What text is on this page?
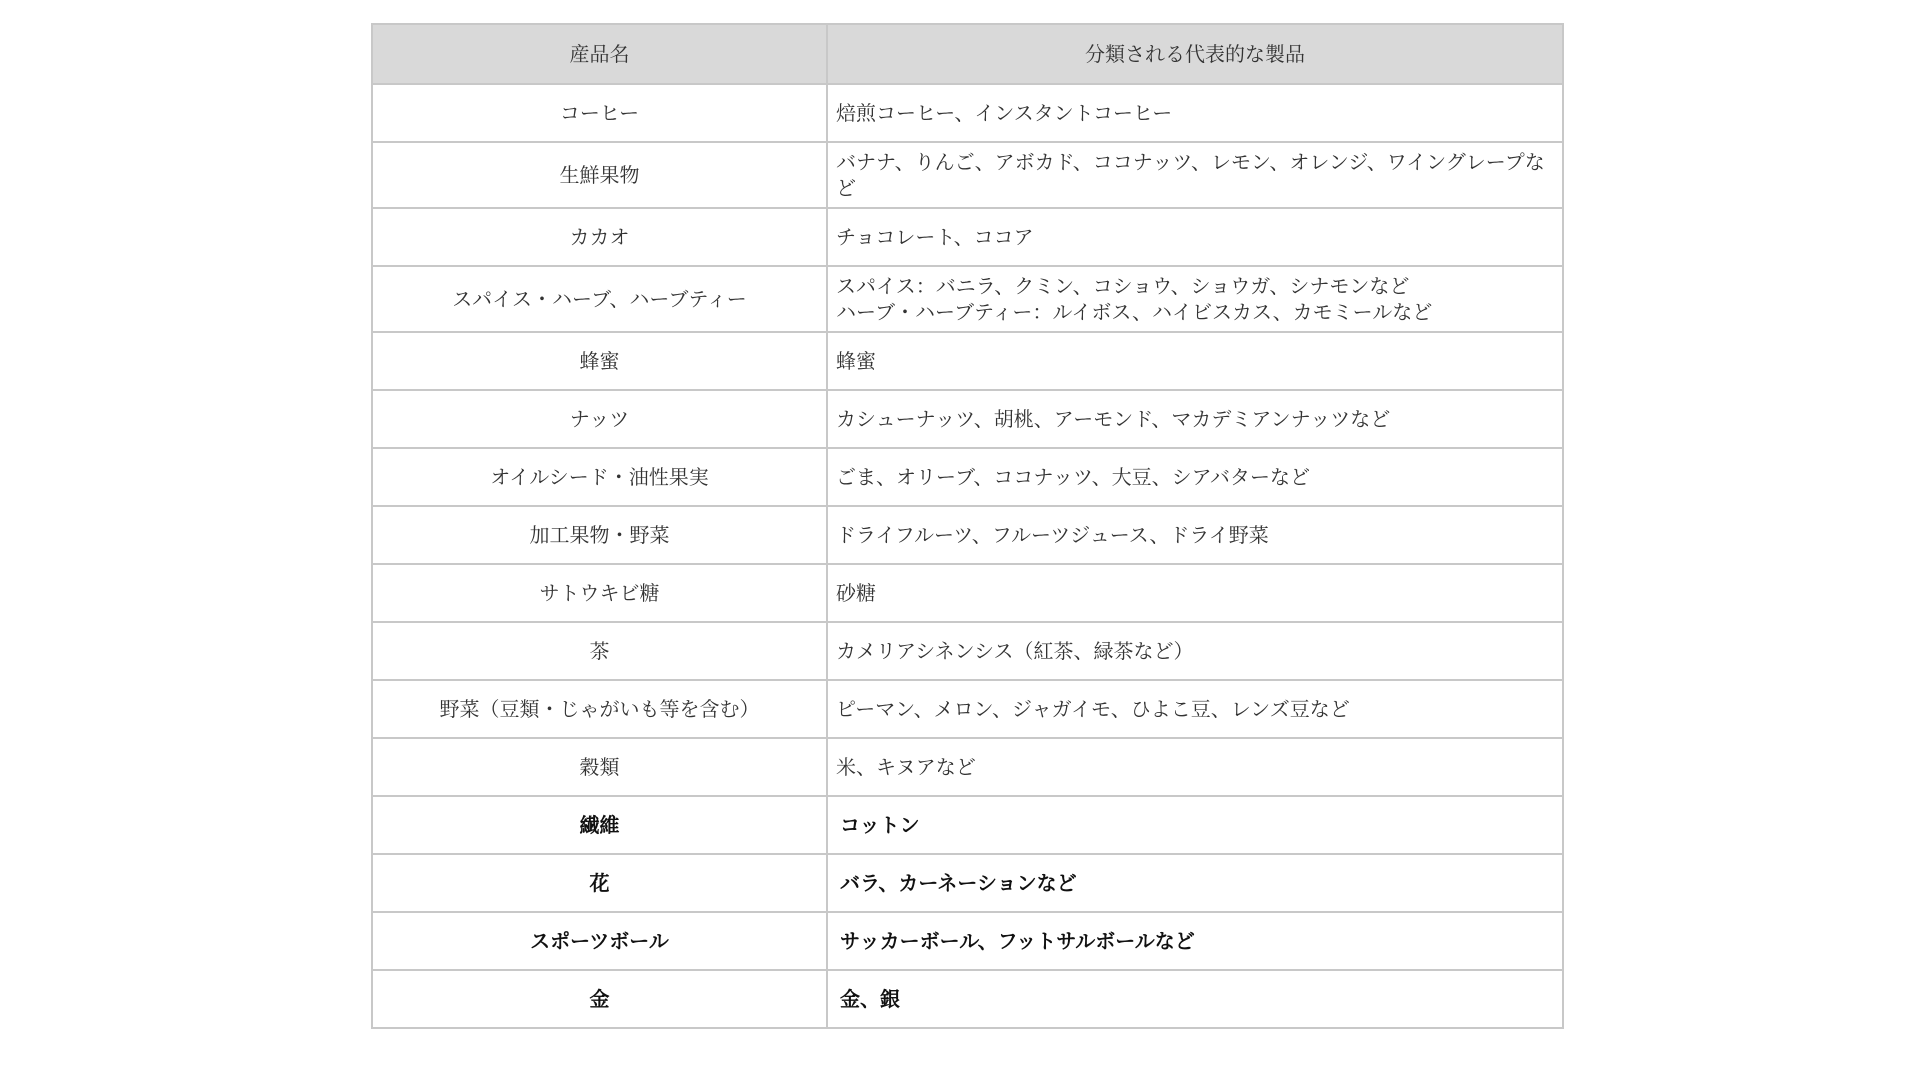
産品名	分類される代表的な製品
コーヒー	焙煎コーヒー、インスタントコーヒー
生鮮果物	バナナ、りんご、アボカド、ココナッツ、レモン、オレンジ、ワイングレープなど
カカオ	チョコレート、ココア
スパイス・ハーブ、ハーブティー	スパイス：バニラ、クミン、コショウ、ショウガ、シナモンなど
ハーブ・ハーブティー：ルイボス、ハイビスカス、カモミールなど
蜂蜜	蜂蜜
ナッツ	カシューナッツ、胡桃、アーモンド、マカデミアンナッツなど
オイルシード・油性果実	ごま、オリーブ、ココナッツ、大豆、シアバターなど
加工果物・野菜	ドライフルーツ、フルーツジュース、ドライ野菜
サトウキビ糖	砂糖
茶	カメリアシネンシス（紅茶、緑茶など）
野菜（豆類・じゃがいも等を含む）	ピーマン、メロン、ジャガイモ、ひよこ豆、レンズ豆など
穀類	米、キヌアなど
繊維	コットン
花	バラ、カーネーションなど
スポーツボール	サッカーボール、フットサルボールなど
金	金、銀
